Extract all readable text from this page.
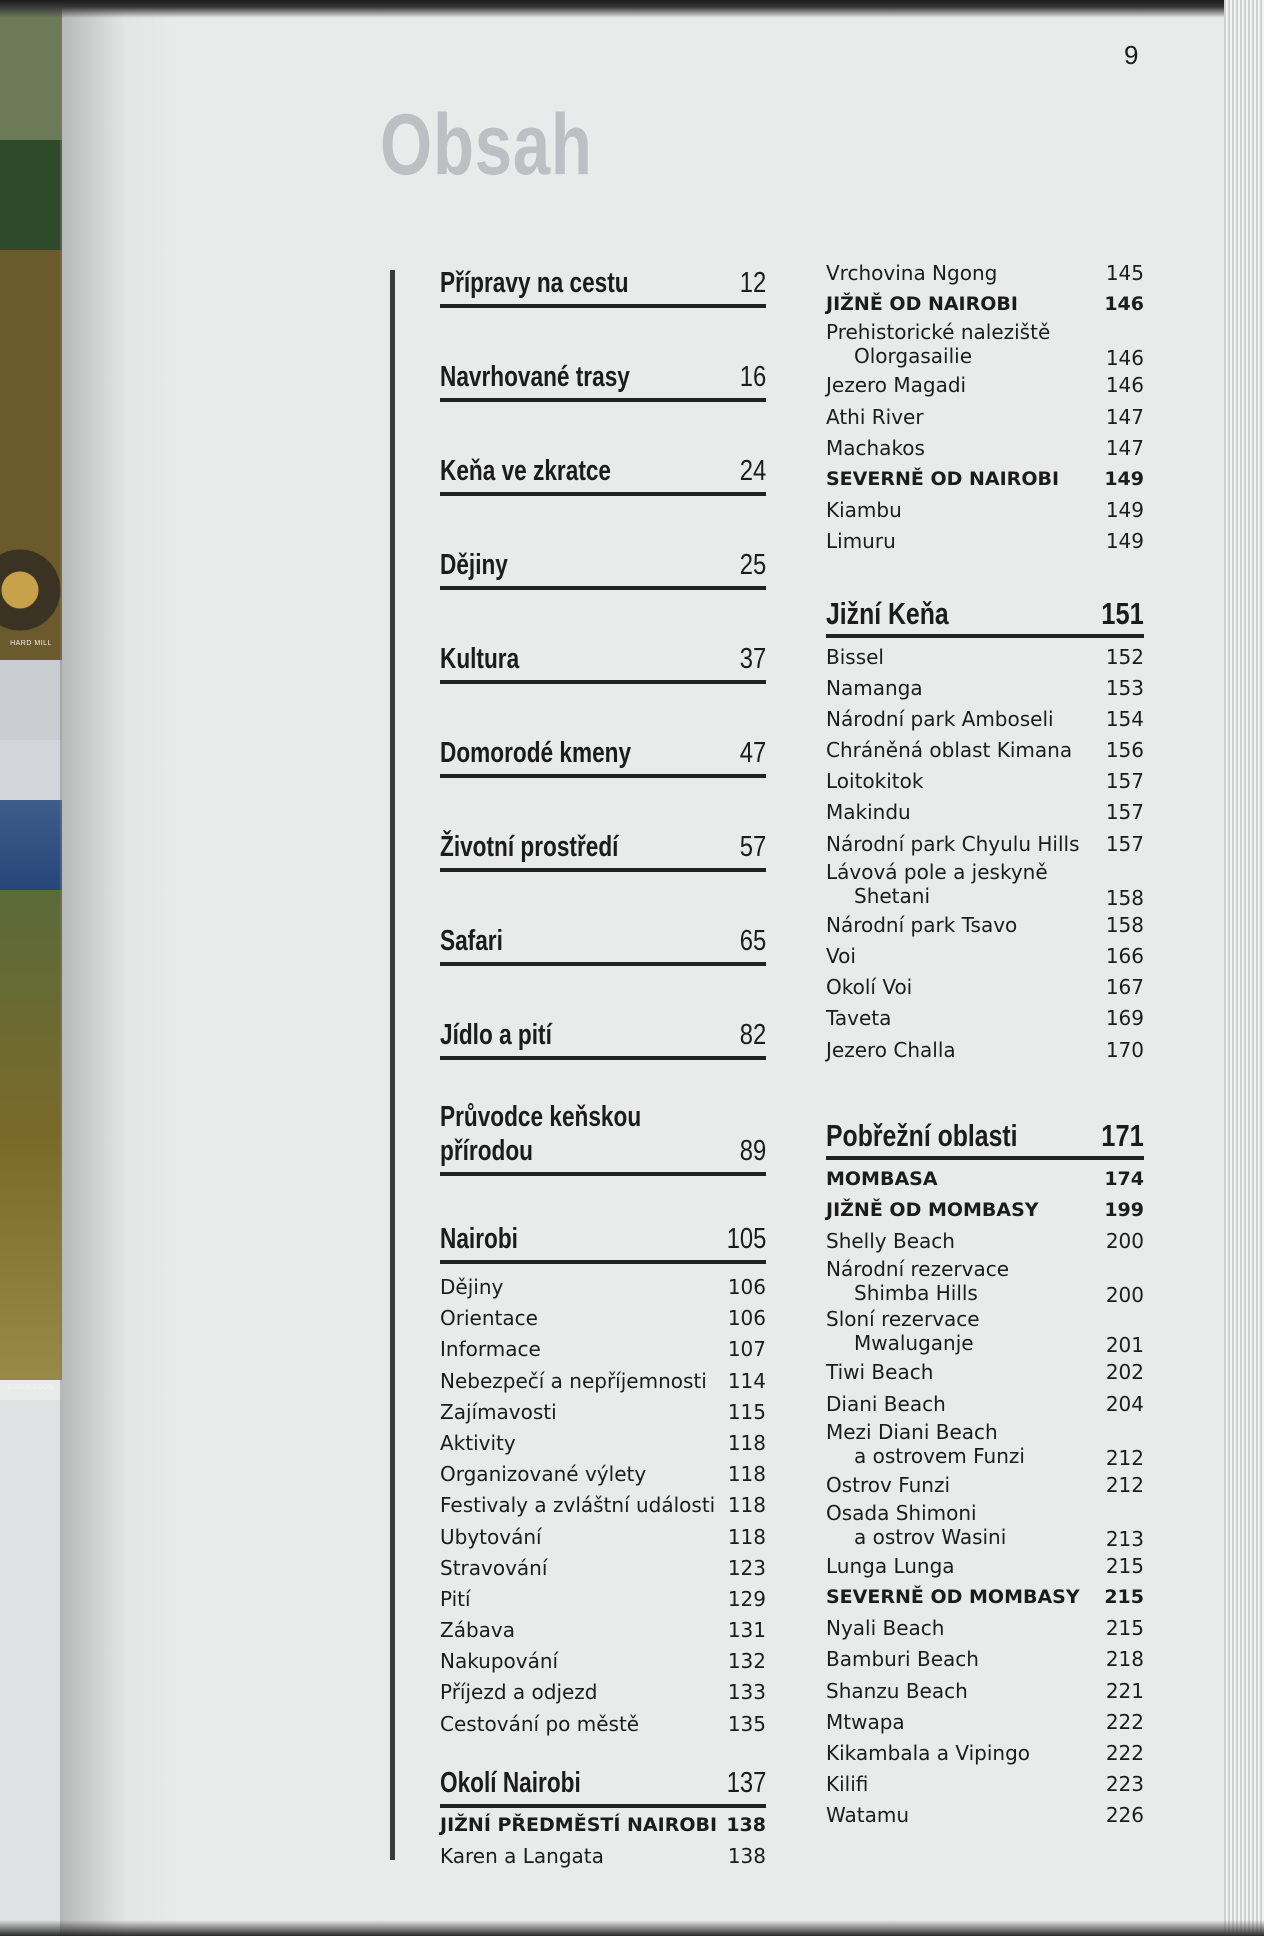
HARD MILL
EDRIKSSON
9
Obsah
Přípravy na cestu	12
Navrhované trasy	16
Keňa ve zkratce	24
Dějiny	25
Kultura	37
Domorodé kmeny	47
Životní prostředí	57
Safari	65
Jídlo a pití	82
Průvodce keňskou
přírodou	89
Nairobi	105
Dějiny	106
Orientace	106
Informace	107
Nebezpečí a nepříjemnosti 114
Zajímavosti	115
Aktivity	118
Organizované výlety	118
Festivaly a zvláštní události 118
Ubytování	118
Stravování	123
Pití	129
Zábava	131
Nakupování	132
Příjezd a odjezd	133
Cestování po městě	135
Okolí Nairobi	137
JIŽNÍ PŘEDMĚSTÍ NAIROBI 138
Karen a Langata	138
Vrchovina Ngong	145
JIŽNĚ OD NAIROBI	146
Prehistorické naleziště
Olorgasailie	146
Jezero Magadi	146
Athi River	147
Machakos	147
SEVERNĚ OD NAIROBI 149
Kiambu	149
Limuru	149
Jižní Keňa	151
Bissel	152
Namanga	153
Národní park Amboseli	154
Chráněná oblast Kimana 156
Loitokitok	157
Makindu	157
Národní park Chyulu Hills 157
Lávová pole a jeskyně
Shetani	158
Národní park Tsavo	158
Voi	166
Okolí Voi	167
Taveta	169
Jezero Challa	170
Pobřežní oblasti	171
MOMBASA	174
JIŽNĚ OD MOMBASY	199
Shelly Beach	200
Národní rezervace
Shimba Hills	200
Sloní rezervace
Mwaluganje	201
Tiwi Beach	202
Diani Beach	204
Mezi Diani Beach
a ostrovem Funzi	212
Ostrov Funzi	212
Osada Shimoni
a ostrov Wasini	213
Lunga Lunga	215
SEVERNĚ OD MOMBASY 215
Nyali Beach	215
Bamburi Beach	218
Shanzu Beach	221
Mtwapa	222
Kikambala a Vipingo	222
Kilifi	223
Watamu	226
